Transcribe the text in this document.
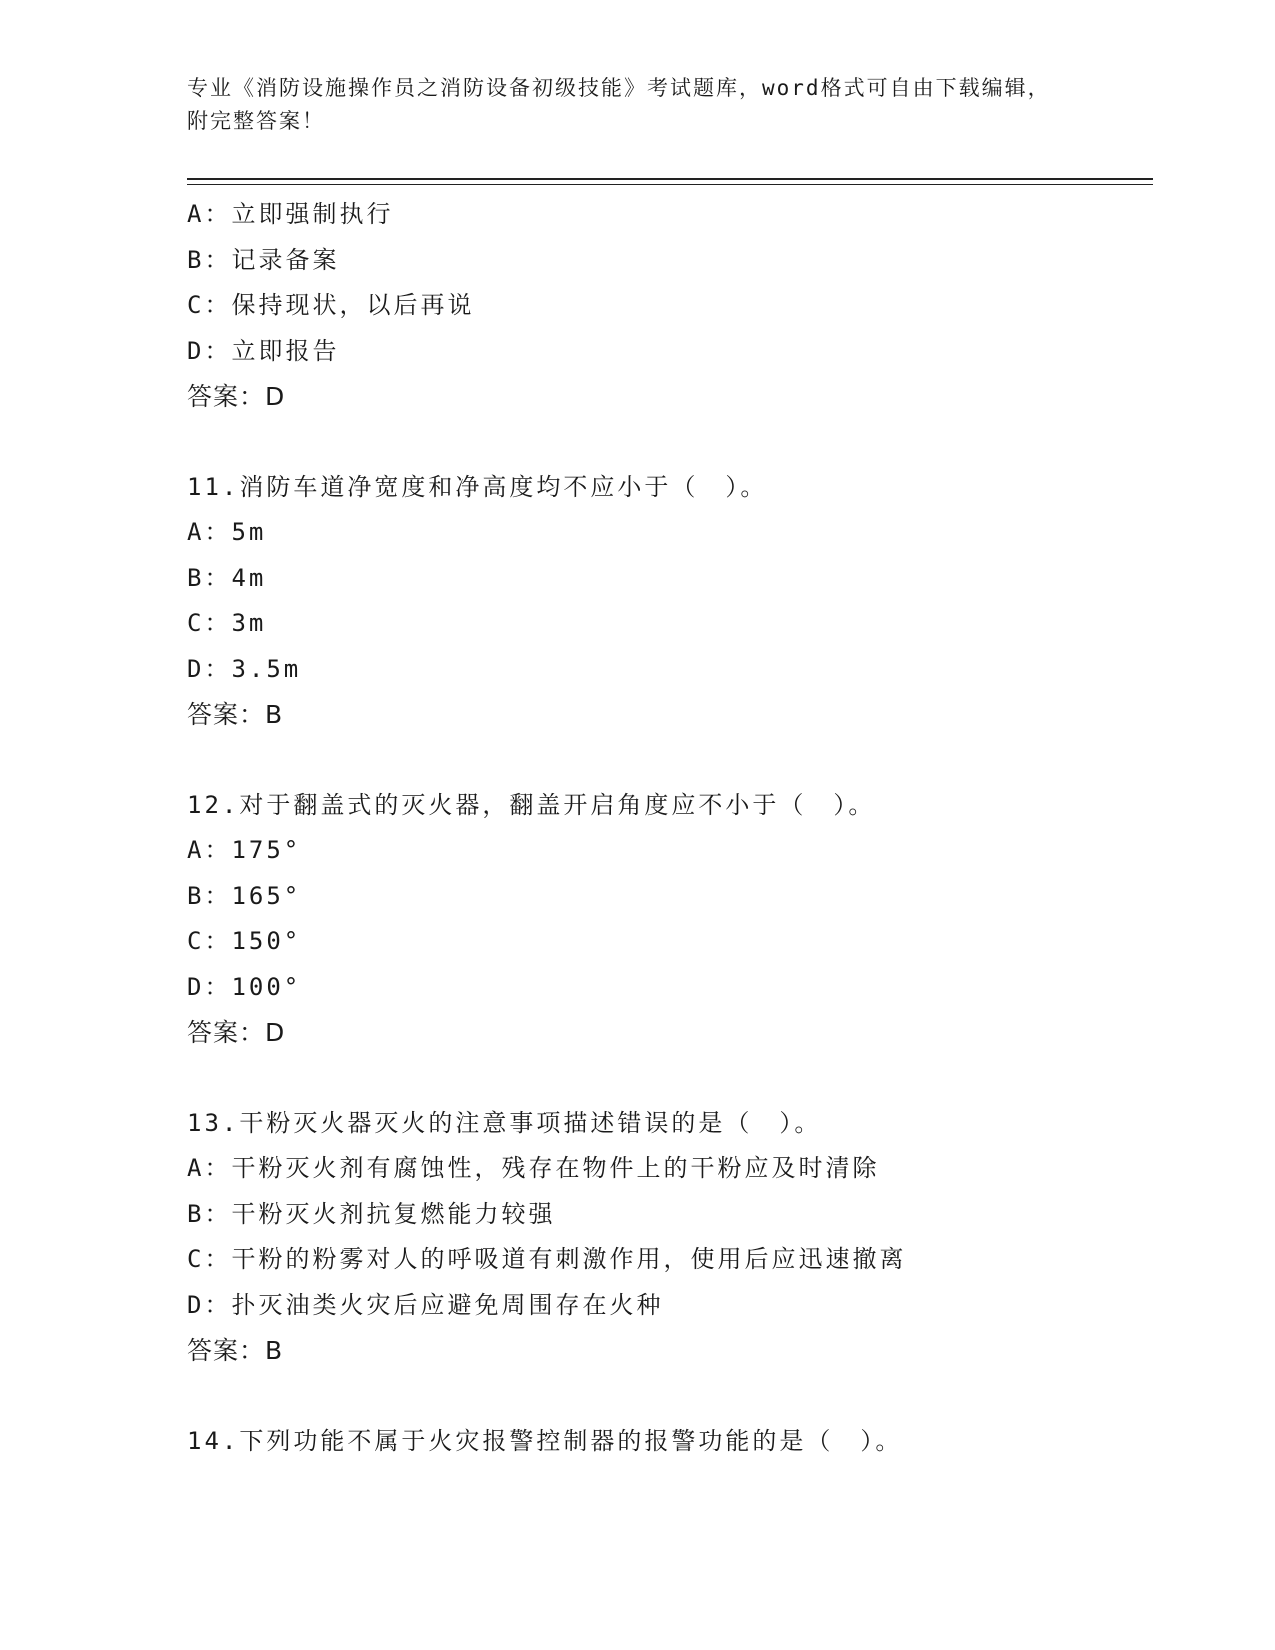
专业《消防设施操作员之消防设备初级技能》考试题库，word格式可自由下载编辑，附完整答案！
A：立即强制执行
B：记录备案
C：保持现状，以后再说
D：立即报告
答案：D
11.消防车道净宽度和净高度均不应小于（　）。
A：5m
B：4m
C：3m
D：3.5m
答案：B
12.对于翻盖式的灭火器，翻盖开启角度应不小于（　）。
A：175°
B：165°
C：150°
D：100°
答案：D
13.干粉灭火器灭火的注意事项描述错误的是（　）。
A：干粉灭火剂有腐蚀性，残存在物件上的干粉应及时清除
B：干粉灭火剂抗复燃能力较强
C：干粉的粉雾对人的呼吸道有刺激作用，使用后应迅速撤离
D：扑灭油类火灾后应避免周围存在火种
答案：B
14.下列功能不属于火灾报警控制器的报警功能的是（　）。
